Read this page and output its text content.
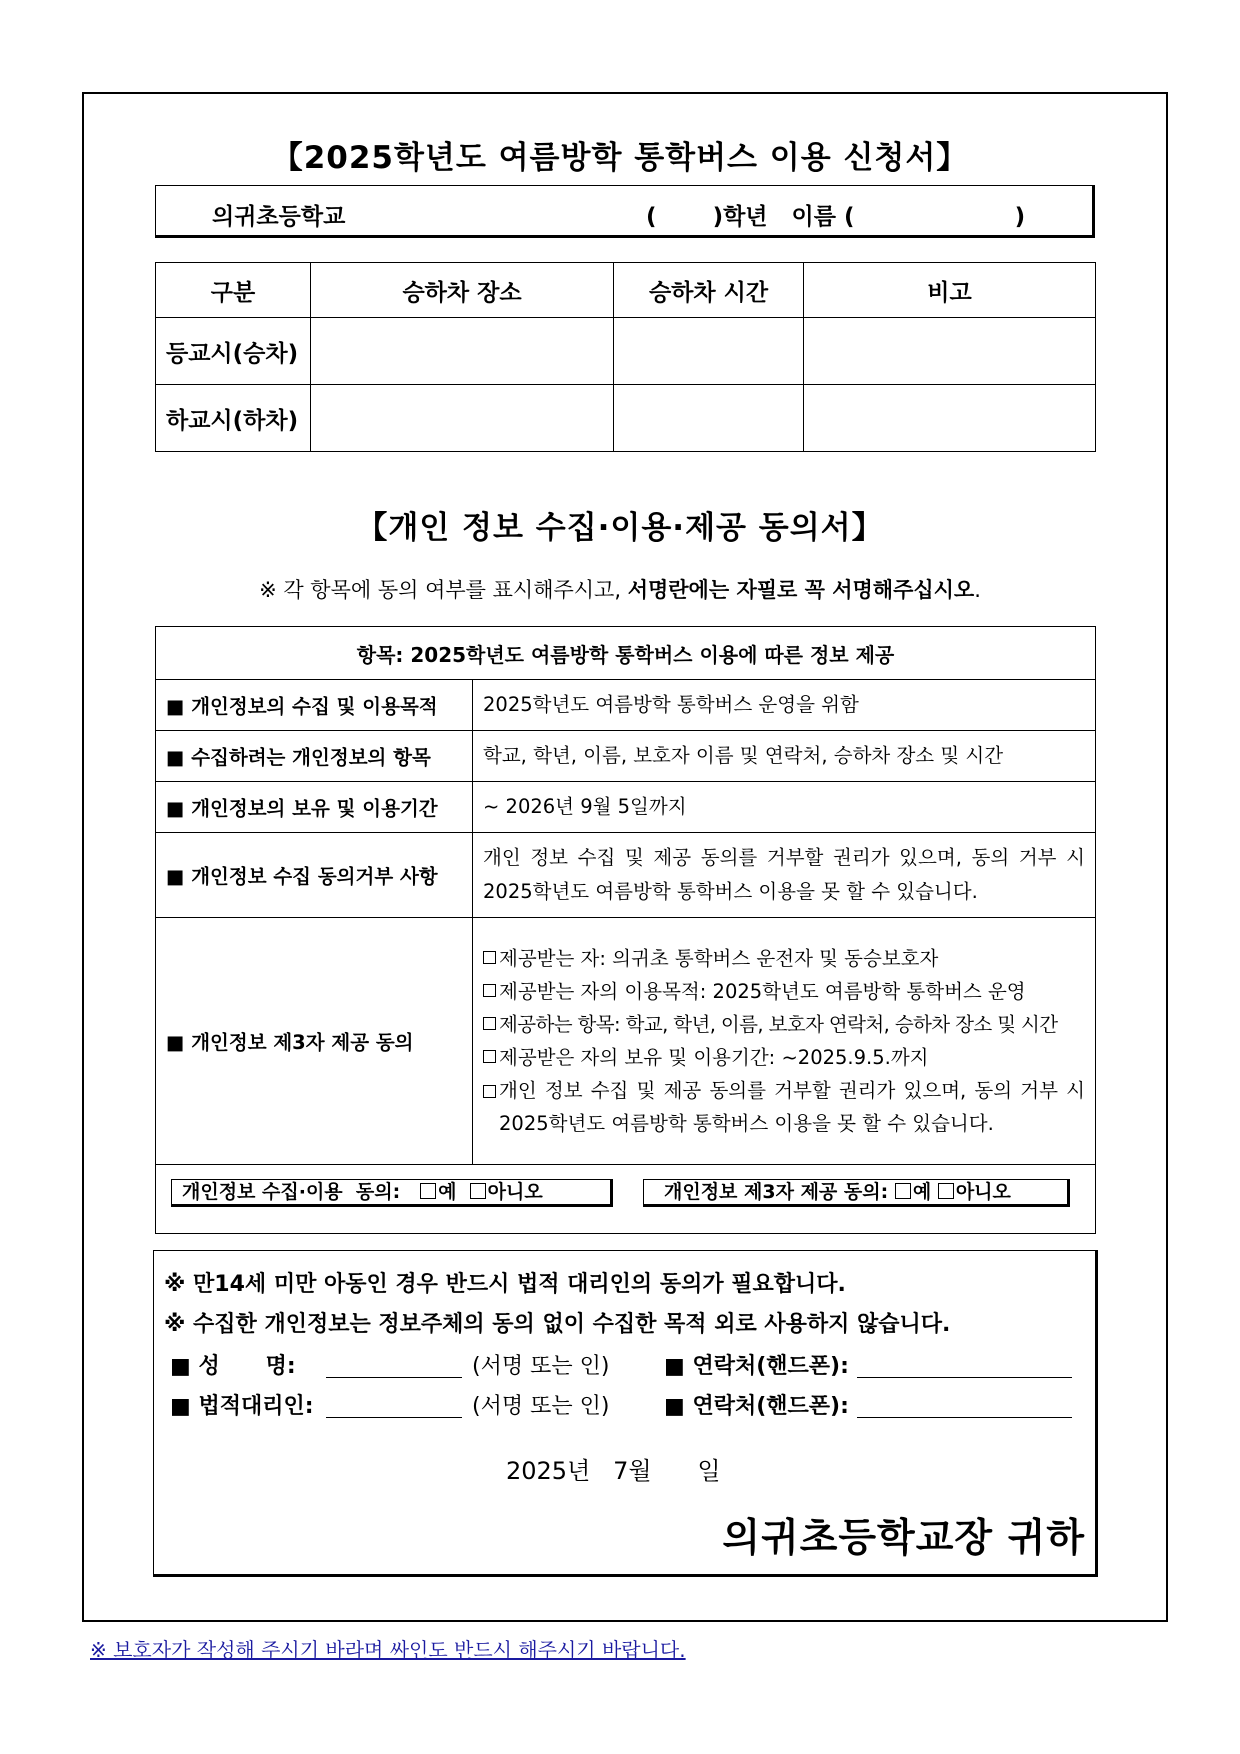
【2025학년도 여름방학 통학버스 이용 신청서】
의귀초등학교	(       )학년   이름 (                    )
구분	승하차 장소	승하차 시간	비고
등교시(승차)			
하교시(하차)			
【개인 정보 수집·이용·제공 동의서】
※ 각 항목에 동의 여부를 표시해주시고, 서명란에는 자필로 꼭 서명해주십시오.
항목: 2025학년도 여름방학 통학버스 이용에 따른 정보 제공	
■ 개인정보의 수집 및 이용목적	2025학년도 여름방학 통학버스 운영을 위함
■ 수집하려는 개인정보의 항목	학교, 학년, 이름, 보호자 이름 및 연락처, 승하차 장소 및 시간
■ 개인정보의 보유 및 이용기간	~ 2026년 9월 5일까지
■ 개인정보 수집 동의거부 사항	개인 정보 수집 및 제공 동의를 거부할 권리가 있으며, 동의 거부 시 2025학년도 여름방학 통학버스 이용을 못 할 수 있습니다.
■ 개인정보 제3자 제공 동의	제공받는 자: 의귀초 통학버스 운전자 및 동승보호자
제공받는 자의 이용목적: 2025학년도 여름방학 통학버스 운영
제공하는 항목: 학교, 학년, 이름, 보호자 연락처, 승하차 장소 및 시간
제공받은 자의 보유 및 이용기간: ~2025.9.5.까지
개인 정보 수집 및 제공 동의를 거부할 권리가 있으며, 동의 거부 시 2025학년도 여름방학 통학버스 이용을 못 할 수 있습니다.

개인정보 수집·이용  동의: 예 아니오 개인정보 제3자 제공 동의: 예 아니오	
※ 만14세 미만 아동인 경우 반드시 법적 대리인의 동의가 필요합니다.
※ 수집한 개인정보는 정보주체의 동의 없이 수집한 목적 외로 사용하지 않습니다.
■ 성      명:	(서명 또는 인) ■ 연락처(핸드폰):
■ 법적대리인:	(서명 또는 인) ■ 연락처(핸드폰):
2025년   7월      일
의귀초등학교장 귀하
※ 보호자가 작성해 주시기 바라며 싸인도 반드시 해주시기 바랍니다.
